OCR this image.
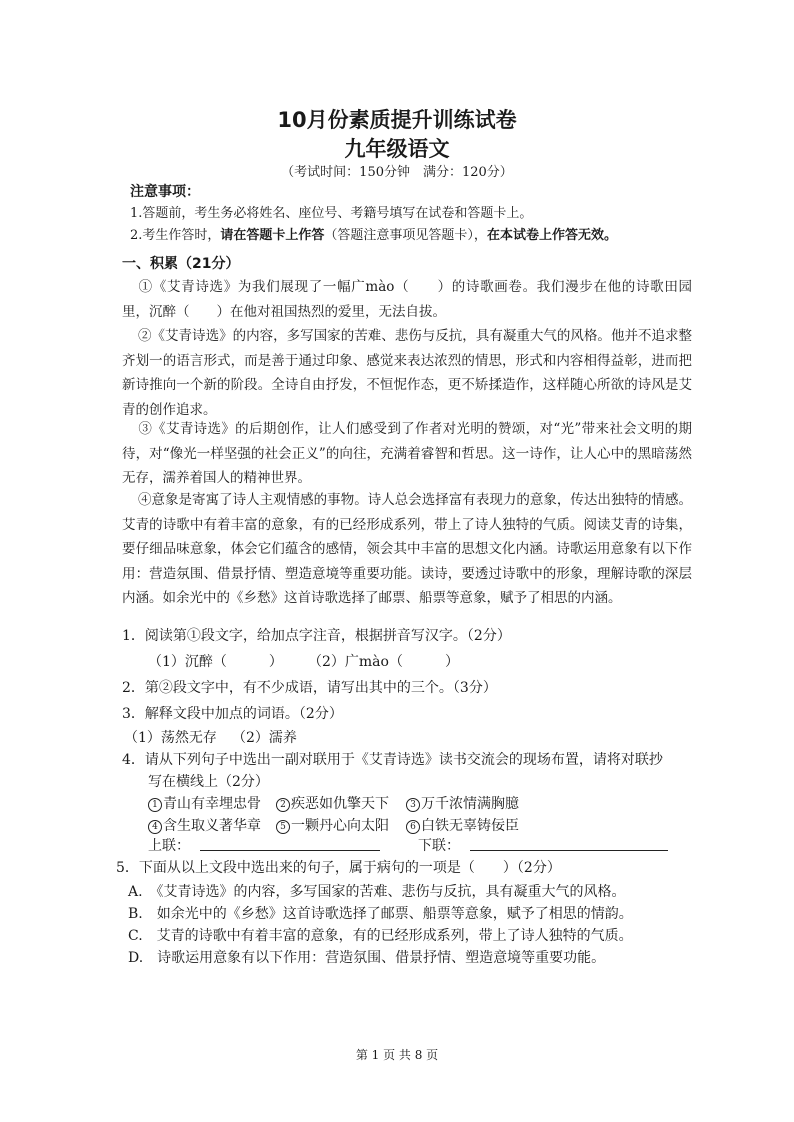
10月份素质提升训练试卷
九年级语文
（考试时间：150分钟　满分：120分）
注意事项：
1.答题前，考生务必将姓名、座位号、考籍号填写在试卷和答题卡上。
2.考生作答时，请在答题卡上作答（答题注意事项见答题卡），在本试卷上作答无效。
一、积累（21分）
①《艾青诗选》为我们展现了一幅广mào（　　）的诗歌画卷。我们漫步在他的诗歌田园里，沉醉（　　）在他对祖国热烈的爱里，无法自拔。
②《艾青诗选》的内容，多写国家的苦难、悲伤与反抗，具有凝重大气的风格。他并不追求整齐划一的语言形式，而是善于通过印象、感觉来表达浓烈的情思，形式和内容相得益彰，进而把新诗推向一个新的阶段。全诗自由抒发，不恒怩作态，更不矫揉造作，这样随心所欲的诗风是艾青的创作追求。
③《艾青诗选》的后期创作，让人们感受到了作者对光明的赞颂，对“光”带来社会文明的期待，对“像光一样坚强的社会正义”的向往，充满着睿智和哲思。这一诗作，让人心中的黑暗荡然无存，濡养着国人的精神世界。
④意象是寄寓了诗人主观情感的事物。诗人总会选择富有表现力的意象，传达出独特的情感。艾青的诗歌中有着丰富的意象，有的已经形成系列，带上了诗人独特的气质。阅读艾青的诗集，要仔细品味意象，体会它们蕴含的感情，领会其中丰富的思想文化内涵。诗歌运用意象有以下作用：营造氛围、借景抒情、塑造意境等重要功能。读诗，要透过诗歌中的形象，理解诗歌的深层内涵。如余光中的《乡愁》这首诗歌选择了邮票、船票等意象，赋予了相思的内涵。
1．阅读第①段文字，给加点字注音，根据拼音写汉字。（2分）
（1）沉醉（　　　） （2）广mào（　　　）
2．第②段文字中，有不少成语，请写出其中的三个。（3分）
3．解释文段中加点的词语。（2分）
（1）荡然无存 （2）濡养
4．请从下列句子中选出一副对联用于《艾青诗选》读书交流会的现场布置，请将对联抄
写在横线上（2分）
1 青山有幸埋忠骨	2 疾恶如仇擎天下	3 万千浓情满胸臆
4 含生取义著华章	5 一颗丹心向太阳	6 白铁无辜铸佞臣
上联：	下联：
5．下面从以上文段中选出来的句子，属于病句的一项是（　　）（2分）
A.　《艾青诗选》的内容，多写国家的苦难、悲伤与反抗，具有凝重大气的风格。
B.　如余光中的《乡愁》这首诗歌选择了邮票、船票等意象，赋予了相思的情韵。
C.　艾青的诗歌中有着丰富的意象，有的已经形成系列，带上了诗人独特的气质。
D.　诗歌运用意象有以下作用：营造氛围、借景抒情、塑造意境等重要功能。
第 1 页 共 8 页
